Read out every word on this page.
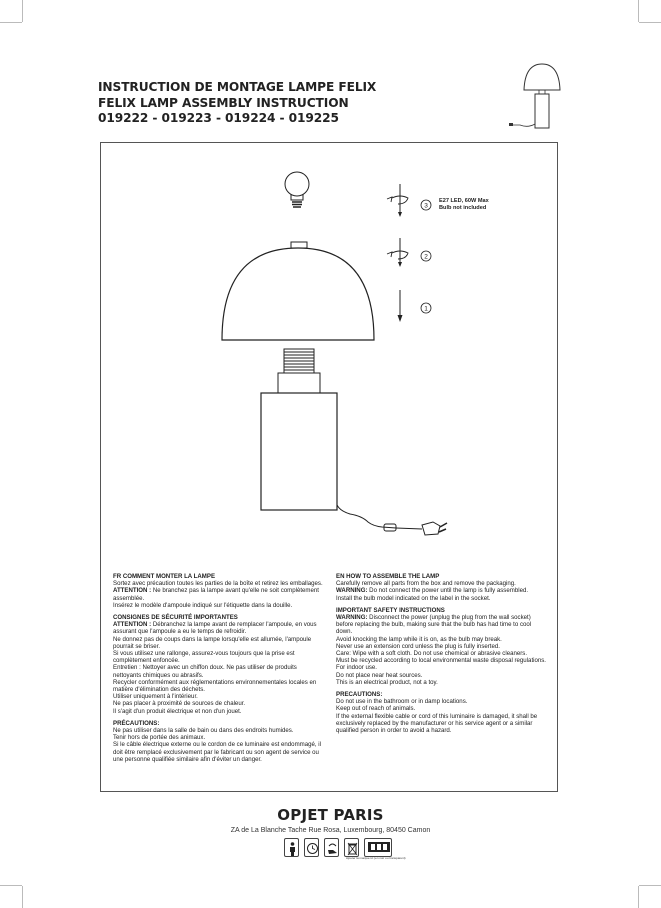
INSTRUCTION DE MONTAGE LAMPE FELIX
FELIX LAMP ASSEMBLY INSTRUCTION
019222 - 019223 - 019224 - 019225
3
2
1
E27 LED, 60W Max
Bulb not included
FR COMMENT MONTER LA LAMPE
Sortez avec précaution toutes les parties de la boîte et retirez les emballages.
ATTENTION : Ne branchez pas la lampe avant qu'elle ne soit complètement assemblée.
Insérez le modèle d'ampoule indiqué sur l'étiquette dans la douille.
CONSIGNES DE SÉCURITÉ IMPORTANTES
ATTENTION : Débranchez la lampe avant de remplacer l'ampoule, en vous assurant que l'ampoule a eu le temps de refroidir.
Ne donnez pas de coups dans la lampe lorsqu'elle est allumée, l'ampoule pourrait se briser.
Si vous utilisez une rallonge, assurez-vous toujours que la prise est complètement enfoncée.
Entretien : Nettoyer avec un chiffon doux. Ne pas utiliser de produits nettoyants chimiques ou abrasifs.
Recycler conformément aux réglementations environnementales locales en matière d'élimination des déchets.
Utiliser uniquement à l'intérieur.
Ne pas placer à proximité de sources de chaleur.
Il s'agit d'un produit électrique et non d'un jouet.
PRÉCAUTIONS:
Ne pas utiliser dans la salle de bain ou dans des endroits humides.
Tenir hors de portée des animaux.
Si le câble électrique externe ou le cordon de ce luminaire est endommagé, il doit être remplacé exclusivement par le fabricant ou son agent de service ou une personne qualifiée similaire afin d'éviter un danger.
EN HOW TO ASSEMBLE THE LAMP
Carefully remove all parts from the box and remove the packaging.
WARNING: Do not connect the power until the lamp is fully assembled.
Install the bulb model indicated on the label in the socket.
IMPORTANT SAFETY INSTRUCTIONS
WARNING: Disconnect the power (unplug the plug from the wall socket) before replacing the bulb, making sure that the bulb has had time to cool down.
Avoid knocking the lamp while it is on, as the bulb may break.
Never use an extension cord unless the plug is fully inserted.
Care: Wipe with a soft cloth. Do not use chemical or abrasive cleaners.
Must be recycled according to local environmental waste disposal regulations.
For indoor use.
Do not place near heat sources.
This is an electrical product, not a toy.
PRECAUTIONS:
Do not use in the bathroom or in damp locations.
Keep out of reach of animals.
If the external flexible cable or cord of this luminaire is damaged, it shall be exclusively replaced by the manufacturer or his service agent or a similar qualified person in order to avoid a hazard.
OPJET PARIS
ZA de La Blanche Tache Rue Rosa, Luxembourg, 80450 Camon
Ajouter la marque ici (en noir ou transparent)
